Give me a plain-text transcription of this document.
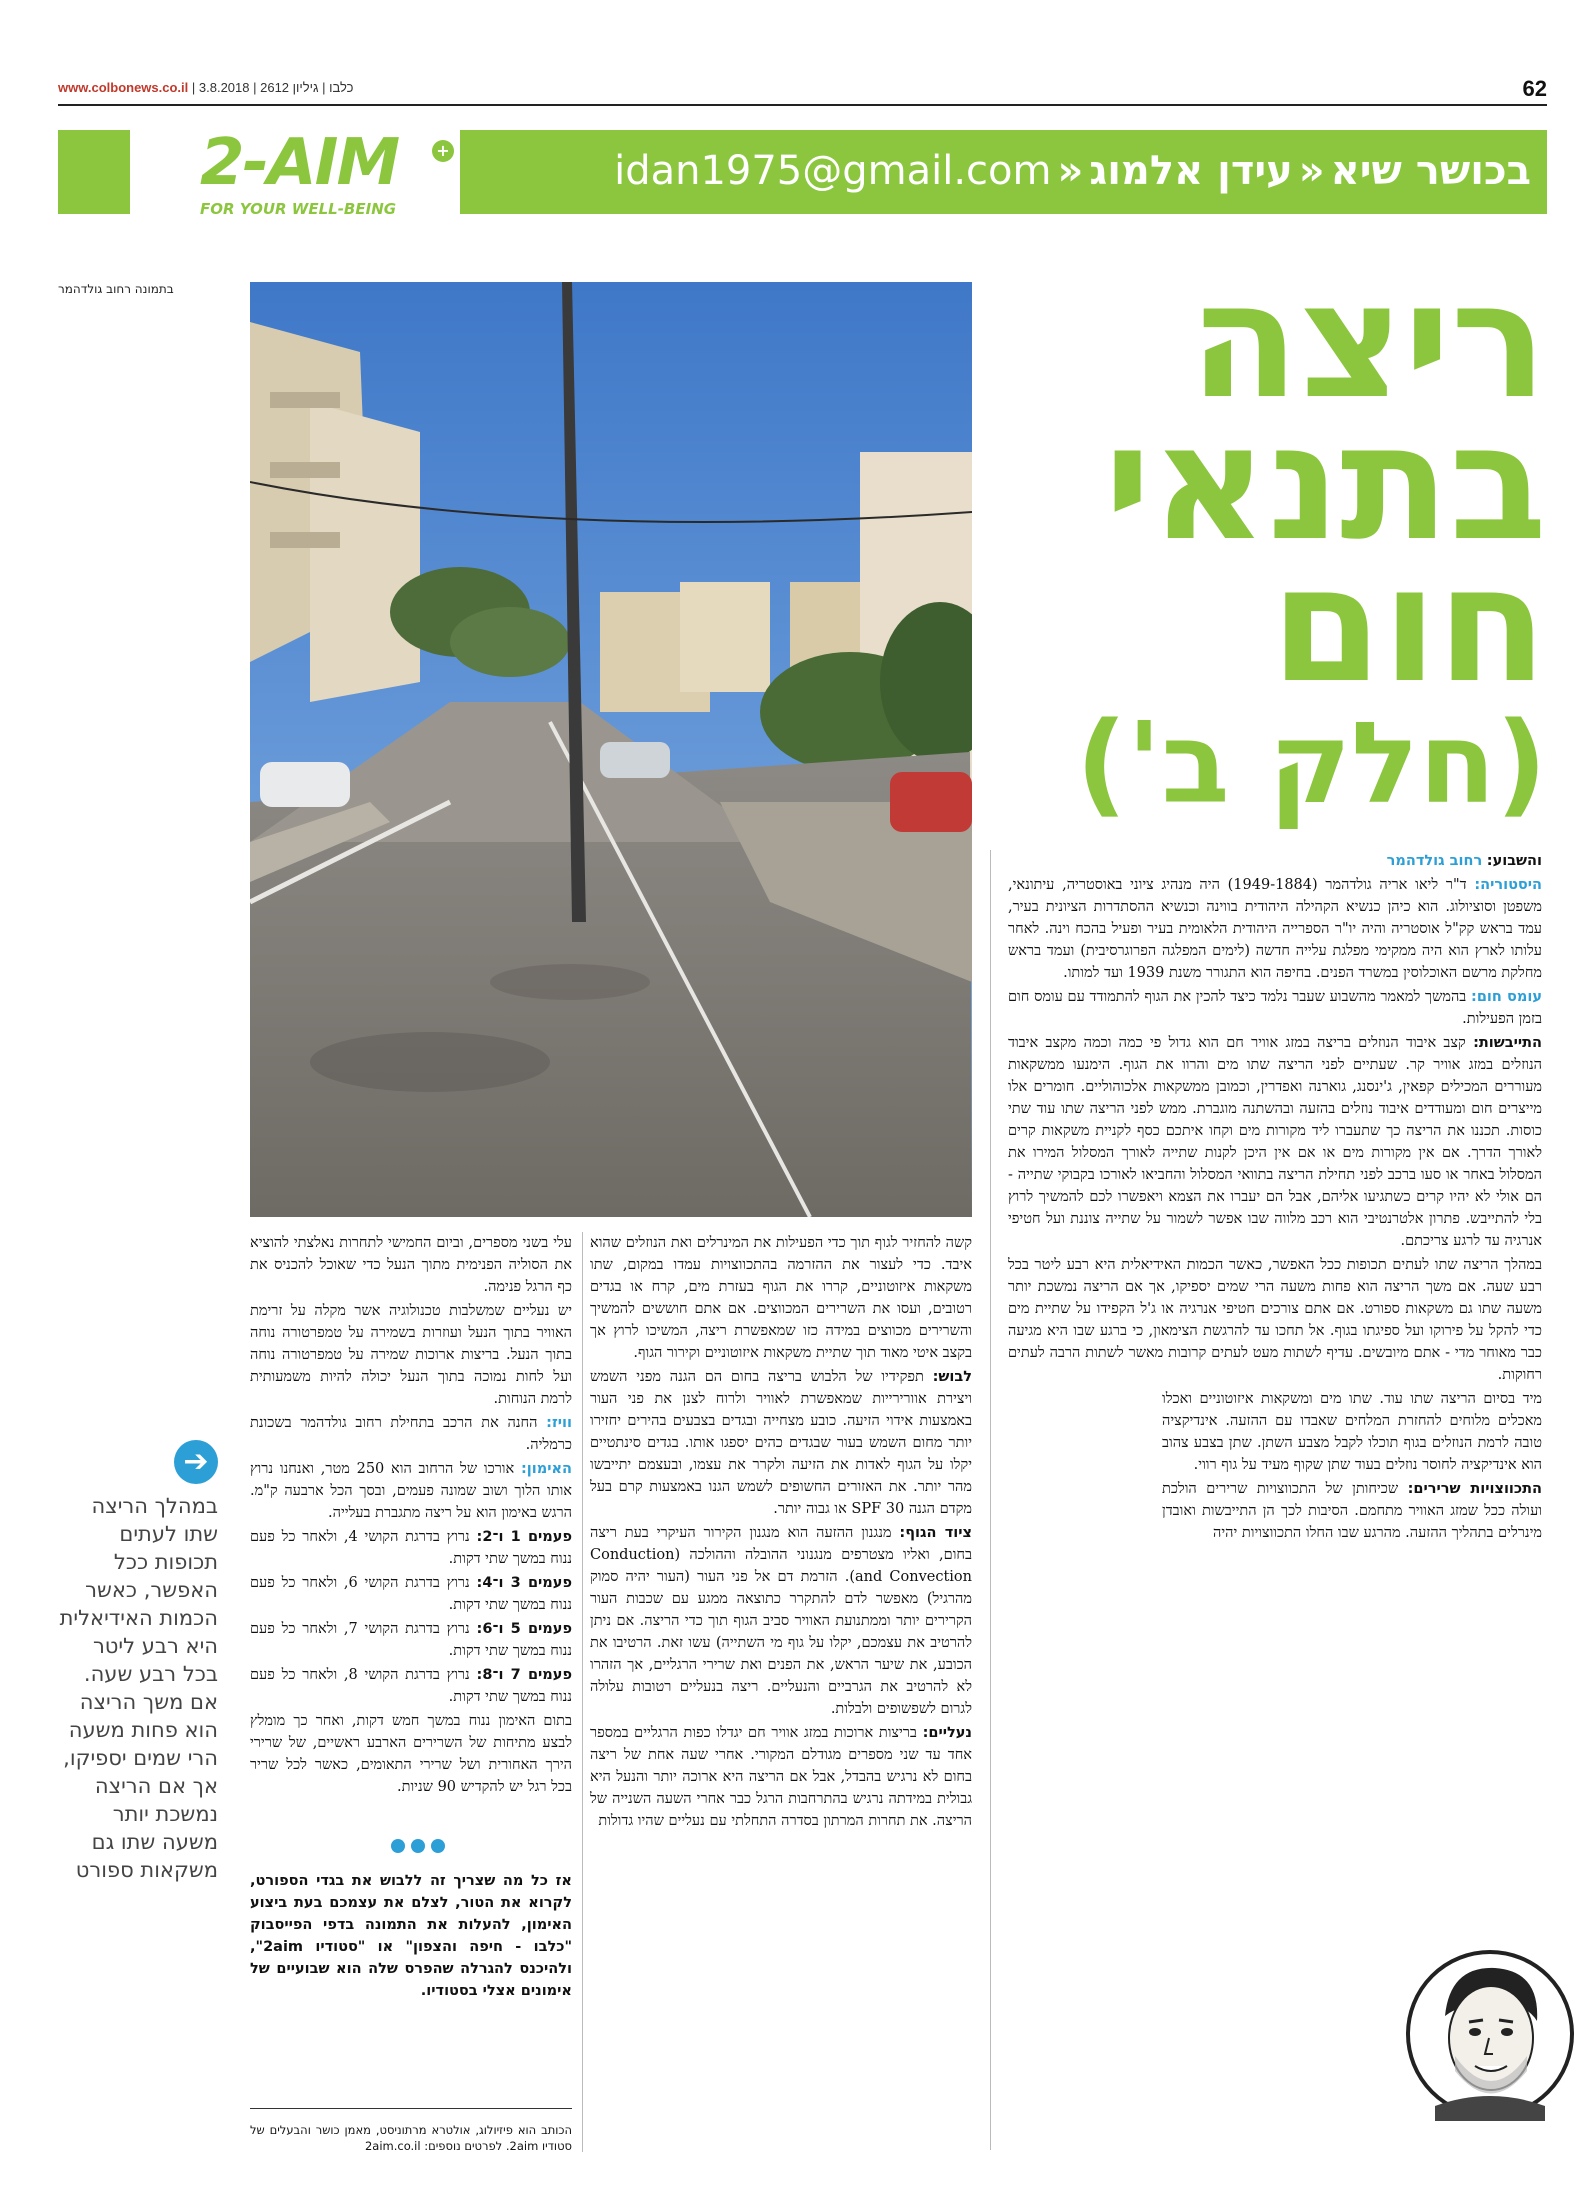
www.colbonews.co.il | כלבו | גיליון 2612 | 3.8.2018	62
2-AIM +
FOR YOUR WELL-BEING
בכושר שיא«עידן אלמוג«idan1975@gmail.com
בתמונה רחוב גולדהמר	ריצה
בתנאי
חום
(חלק ב')

והשבוע: רחוב גולדהמר

היסטוריה: ד"ר ליאו אריה גולדהמר (1949-1884) היה מנהיג ציוני באוסטריה, עיתונאי, משפטן וסוציולוג. הוא כיהן כנשיא הקהילה היהודית בווינה וכנשיא ההסתדרות הציונית בעיר, עמד בראש קק"ל אוסטריה והיה יו"ר הספרייה היהודית הלאומית בעיר ופעיל בהכח וינה. לאחר עלותו לארץ הוא היה ממקימי מפלגת עלייה חדשה (לימים המפלגה הפרוגרסיבית) ועמד בראש מחלקת מרשם האוכלוסין במשרד הפנים. בחיפה הוא התגורר משנת 1939 ועד למותו.

עומס חום: בהמשך למאמר מהשבוע שעבר נלמד כיצד להכין את הגוף להתמודד עם עומס חום בזמן הפעילות.

התייבשות: קצב איבוד הנוזלים בריצה במזג אוויר חם הוא גדול פי כמה וכמה מקצב איבוד הנוזלים במזג אוויר קר. שעתיים לפני הריצה שתו מים והרוו את הגוף. הימנעו ממשקאות מעוררים המכילים קפאין, ג'ינסנג, גוארנה ואפדרין, וכמובן ממשקאות אלכוהוליים. חומרים אלו מייצרים חום ומעודדים איבוד נוזלים בהזעה ובהשתנה מוגברת. ממש לפני הריצה שתו עוד שתי כוסות. תכננו את הריצה כך שתעברו ליד מקורות מים וקחו איתכם כסף לקניית משקאות קרים לאורך הדרך. אם אין מקורות מים או אם אין היכן לקנות שתייה לאורך המסלול המירו את המסלול באחר או סעו ברכב לפני תחילת הריצה בתוואי המסלול והחביאו לאורכו בקבוקי שתייה - הם אולי לא יהיו קרים כשתגיעו אליהם, אבל הם יעברו את הצמא ויאפשרו לכם להמשיך לרוץ בלי להתייבש. פתרון אלטרנטיבי הוא רכב מלווה שבו אפשר לשמור על שתייה צוננת ועל חטיפי אנרגיה עד לרגע צריכתם.

במהלך הריצה שתו לעתים תכופות ככל האפשר, כאשר הכמות האידיאלית היא רבע ליטר בכל רבע שעה. אם משך הריצה הוא פחות משעה הרי שמים יספיקו, אך אם הריצה נמשכת יותר משעה שתו גם משקאות ספורט. אם אתם צורכים חטיפי אנרגיה או ג'ל הקפידו על שתיית מים כדי להקל על פירוקו ועל ספיגתו בגוף. אל תחכו עד להרגשת הצימאון, כי ברגע שבו היא מגיעה כבר מאוחר מדי - אתם מיובשים. עדיף לשתות מעט לעתים קרובות מאשר לשתות הרבה לעתים רחוקות.

מיד בסיום הריצה שתו עוד. שתו מים ומשקאות איזוטוניים ואכלו מאכלים מלוחים להחזרת המלחים שאבדו עם ההזעה. אינדיקציה טובה לרמת הנוזלים בגוף תוכלו לקבל מצבע השתן. שתן בצבע צהוב הוא אינדיקציה לחוסר נוזלים בעוד שתן שקוף מעיד על גוף רווי.

התכווצויות שרירים: שכיחותן של התכווצויות שרירים הולכת ועולה ככל שמזג האוויר מתחמם. הסיבות לכך הן התייבשות ואובדן מינרלים בתהליך ההזעה. מהרגע שבו החלו התכווצויות יהיה

קשה להחזיר לגוף תוך כדי הפעילות את המינרלים ואת הנוזלים שהוא איבד. כדי לעצור את ההזרמה בהתכווצויות עמדו במקום, שתו משקאות איזוטוניים, קררו את הגוף בעזרת מים, קרח או בגדים רטובים, ועסו את השרירים המכווצים. אם אתם חוששים להמשיך והשרירים מכווצים במידה כזו שמאפשרת ריצה, המשיכו לרוץ אך בקצב איטי מאוד תוך שתיית משקאות איזוטוניים וקירור הגוף.

לבוש: תפקידיו של הלבוש בריצה בחום הם הגנה מפני השמש ויצירת אוורירייות שמאפשרת לאוויר ולרוח לצנן את פני העור באמצעות אידוי הזיעה. כובע מצחייה ובגדים בצבעים בהירים יחזירו יותר מחום השמש בעור שבגדים כהים יספגו אותו. בגדים סינתטיים יקלו על הגוף לאדות את הזיעה ולקרר את עצמו, ובעצמם יתייבשו מהר יותר. את האזורים החשופים לשמש הגנו באמצעות קרם בעל מקדם הגנה SPF 30 או גבוה יותר.

ציוד הגוף: מנגנון ההזעה הוא מנגנון הקירור העיקרי בעת ריצה בחום, ואליו מצטרפים מנגנוני ההובלה וההולכה (Conduction and Convection). הזרמת דם אל פני העור (העור יהיה סמוק מהרגיל) מאפשר לדם להתקרר כתוצאה ממגע עם שכבות העור הקרירים יותר וממתנועת האוויר סביב הגוף תוך כדי הריצה. אם ניתן להרטיב את עצמכם, יקלו על גוף מי השתייה) עשו זאת. הרטיבו את הכובע, את שיער הראש, את הפנים ואת שרירי הרגליים, אך הזהרו לא להרטיב את הגרביים והנעליים. ריצה בנעליים רטובות עלולה לגרום לשפשופים ולבלות.

נעליים: בריצות ארוכות במזג אוויר חם יגדלו כפות הרגליים במספר אחד עד שני מספרים מגודלם המקורי. אחרי שעה אחת של ריצה בחום לא נרגיש בהבדל, אבל אם הריצה היא ארוכה יותר והנעל היא גבולית במידתה נרגיש בהתרחבות הרגל כבר אחרי השעה השנייה של הריצה. את תחרות המרתון בסדרה התחלתי עם נעליים שהיו גדולות

עלי בשני מספרים, וביום החמישי לתחרות נאלצתי להוציא את הסוליה הפנימית מתוך הנעל כדי שאוכל להכניס את כף הרגל פנימה.

יש נעליים שמשלבות טכנולוגיה אשר מקלה על זרימת האוויר בתוך הנעל ועוזרות בשמירה על טמפרטורה נוחה בתוך הנעל. בריצות ארוכות שמירה על טמפרטורה נוחה ועל לחות נמוכה בתוך הנעל יכולה להיות משמעותית לרמת הנוחות.

וויז: החנה את הרכב בתחילת רחוב גולדהמר בשכונת כרמליה.

האימון: אורכו של הרחוב הוא 250 מטר, ואנחנו נרוץ אותו הלוך ושוב שמונה פעמים, ובסך הכל ארבעה ק"מ. הרגש באימון הוא על ריצה מתגברת בעלייה.

פעמים 1 ו־2: נרוץ בדרגת הקושי 4, ולאחר כל פעם ננוח במשך שתי דקות.

פעמים 3 ו־4: נרוץ בדרגת הקושי 6, ולאחר כל פעם ננוח במשך שתי דקות.

פעמים 5 ו־6: נרוץ בדרגת הקושי 7, ולאחר כל פעם ננוח במשך שתי דקות.

פעמים 7 ו־8: נרוץ בדרגת הקושי 8, ולאחר כל פעם ננוח במשך שתי דקות.

בתום האימון ננוח במשך חמש דקות, ואחר כך מומלץ לבצע מתיחות של השרירים הארבע ראשיים, של שרירי הירך האחורית ושל שרירי התאומים, כאשר לכל שריר בכל רגל יש להקדיש 90 שניות.

אז כל מה שצריך זה ללבוש את בגדי הספורט, לקרוא את הטור, לצלם את עצמכם בעת ביצוע האימון, להעלות את התמונה בדפי הפייסבוק "כלבו - חיפה והצפון" או "סטודיו 2aim", ולהיכנס להגרלה שהפרס שלה הוא שבועיים של אימונים אצלי בסטודיו.
הכותב הוא פיזיולוג, אולטרא מרתוניסט, מאמן כושר והבעלים של סטודיו 2aim. לפרטים נוספים: 2aim.co.il
➔
במהלך הריצה שתו לעתים תכופות ככל האפשר, כאשר הכמות האידיאלית היא רבע ליטר בכל רבע שעה. אם משך הריצה הוא פחות משעה הרי שמים יספיקו, אך אם הריצה נמשכת יותר משעה שתו גם משקאות ספורט
